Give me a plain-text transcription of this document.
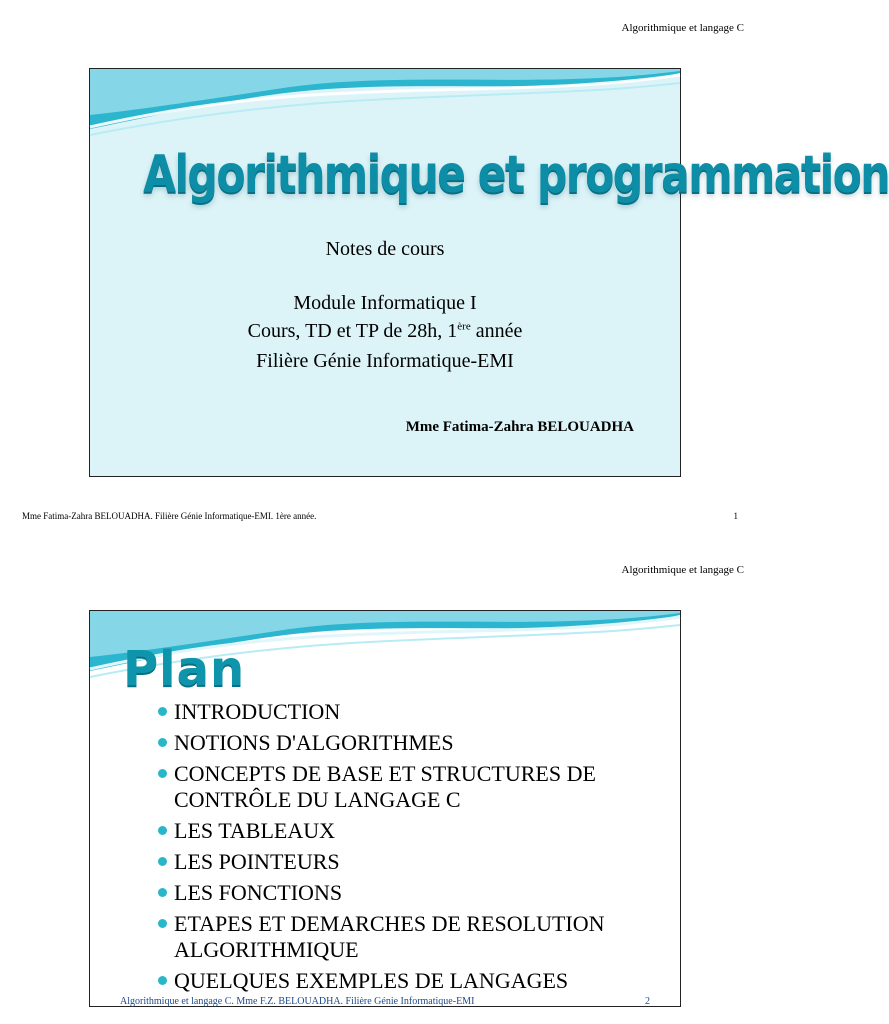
Algorithmique et langage C
Algorithmique et programmation
Notes de cours
Module Informatique I
Cours, TD et TP de 28h, 1ère année
Filière Génie Informatique-EMI
Mme Fatima-Zahra BELOUADHA
Mme Fatima-Zahra BELOUADHA. Filière Génie Informatique-EMI. 1ère année.	1
Algorithmique et langage C
Plan
INTRODUCTION
NOTIONS D'ALGORITHMES
CONCEPTS DE BASE ET STRUCTURES DE CONTRÔLE DU LANGAGE C
LES TABLEAUX
LES POINTEURS
LES FONCTIONS
ETAPES ET DEMARCHES DE RESOLUTION ALGORITHMIQUE
QUELQUES EXEMPLES DE LANGAGES
Algorithmique et langage C. Mme F.Z. BELOUADHA. Filière Génie Informatique-EMI	2
